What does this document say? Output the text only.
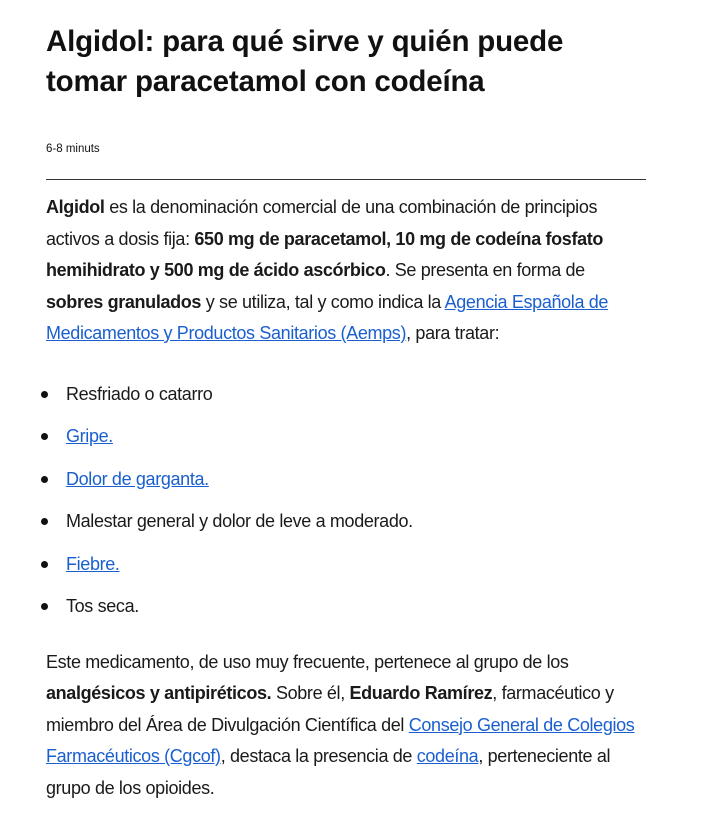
Algidol: para qué sirve y quién puede tomar paracetamol con codeína
6-8 minuts

Algidol es la denominación comercial de una combinación de principios activos a dosis fija: 650 mg de paracetamol, 10 mg de codeína fosfato hemihidrato y 500 mg de ácido ascórbico. Se presenta en forma de sobres granulados y se utiliza, tal y como indica la Agencia Española de Medicamentos y Productos Sanitarios (Aemps), para tratar:

Resfriado o catarro
Gripe.
Dolor de garganta.
Malestar general y dolor de leve a moderado.
Fiebre.
Tos seca.

Este medicamento, de uso muy frecuente, pertenece al grupo de los analgésicos y antipiréticos. Sobre él, Eduardo Ramírez, farmacéutico y miembro del Área de Divulgación Científica del Consejo General de Colegios Farmacéuticos (Cgcof), destaca la presencia de codeína, perteneciente al grupo de los opioides.
